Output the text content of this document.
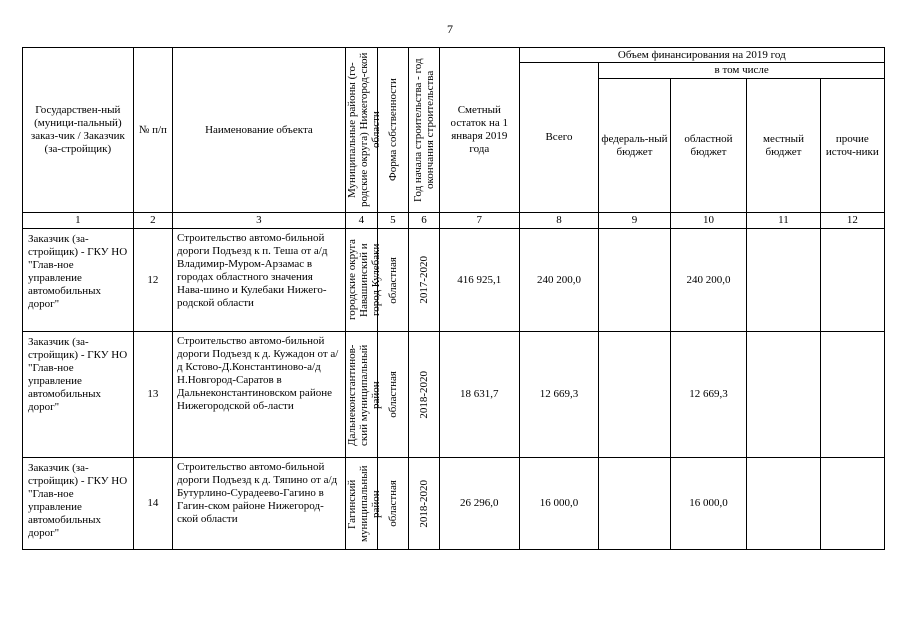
7
Государствен-ный (муници-пальный) заказ-чик / Заказчик (за-стройщик)	№ п/п	Наименование объекта	Муниципальные районы (го-родские округа) Нижегород-ской области	Форма собственности	Год начала строительства - год окончания строительства	Сметный остаток на 1 января 2019 года	Объем финансирования на 2019 год				

							Всего	в том числе			

								федераль-ный бюджет	областной бюджет	местный бюджет	прочие источ-ники

1	2	3	4	5	6	7	8	9	10	11	12
Заказчик (за-стройщик) - ГКУ НО "Глав-ное управление автомобильных дорог"	12	Строительство автомо-бильной дороги Подъезд к п. Теша от а/д Владимир-Муром-Арзамас в городах областного значения Нава-шино и Кулебаки Нижего-родской области	городские округа Навашинский и город Кулебаки	областная	2017-2020	416 925,1	240 200,0		240 200,0		
Заказчик (за-стройщик) - ГКУ НО "Глав-ное управление автомобильных дорог"	13	Строительство автомо-бильной дороги Подъезд к д. Кужадон от а/д Кстово-Д.Константиново-а/д Н.Новгород-Саратов в Дальнеконстантиновском районе Нижегородской об-ласти	Дальнеконстантинов-ский муниципальный район	областная	2018-2020	18 631,7	12 669,3		12 669,3		
Заказчик (за-стройщик) - ГКУ НО "Глав-ное управление автомобильных дорог"	14	Строительство автомо-бильной дороги Подъезд к д. Тяпино от а/д Бутурлино-Сурадеево-Гагино в Гагин-ском районе Нижегород-ской области	Гагинский муниципальный район	областная	2018-2020	26 296,0	16 000,0		16 000,0		
